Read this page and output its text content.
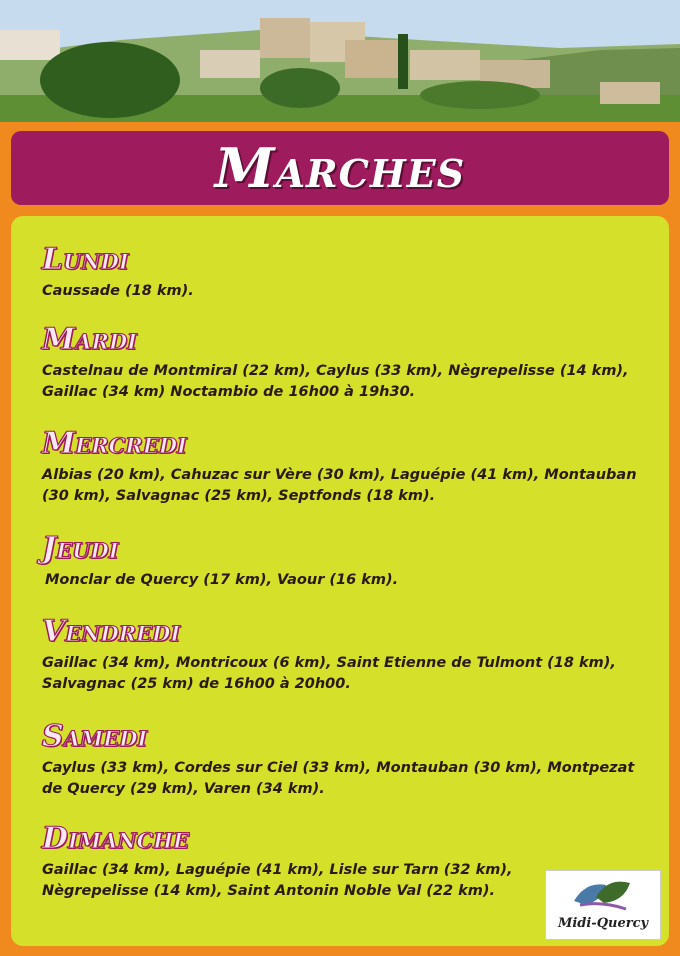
Marches
Lundi

Caussade (18 km).

Mardi

Castelnau de Montmiral (22 km), Caylus (33 km), Nègrepelisse (14 km), Gaillac (34 km) Noctambio de 16h00 à 19h30.

Mercredi

Albias (20 km), Cahuzac sur Vère (30 km), Laguépie (41 km), Montauban (30 km), Salvagnac (25 km), Septfonds (18 km).

Jeudi

Monclar de Quercy (17 km), Vaour (16 km).

Vendredi

Gaillac (34 km), Montricoux (6 km), Saint Etienne de Tulmont (18 km), Salvagnac (25 km) de 16h00 à 20h00.

Samedi

Caylus (33 km), Cordes sur Ciel (33 km), Montauban (30 km), Montpezat de Quercy (29 km), Varen (34 km).

Dimanche

Gaillac (34 km), Laguépie (41 km), Lisle sur Tarn (32 km), Nègrepelisse (14 km), Saint Antonin Noble Val (22 km).

Midi-Quercy
